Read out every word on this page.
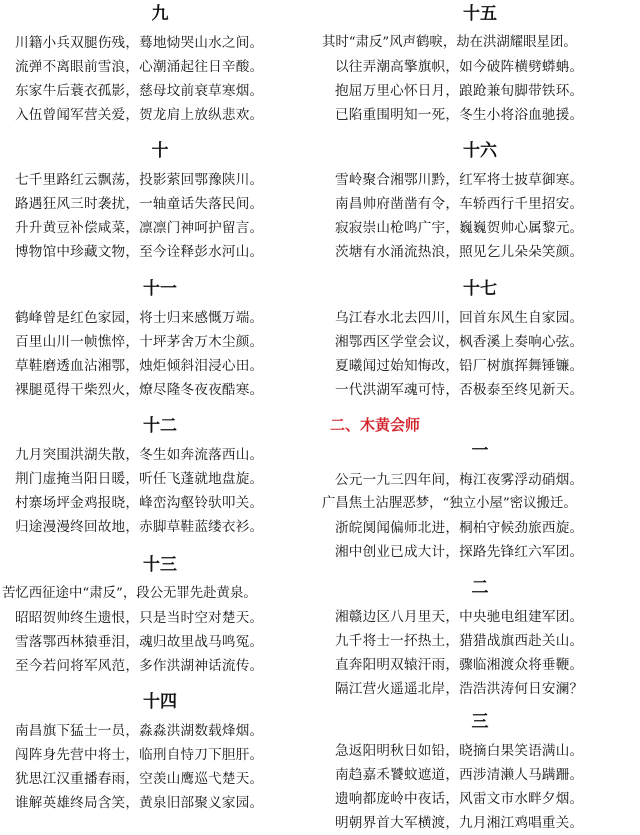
九
川籍小兵双腿伤残，蓦地恸哭山水之间。
流弹不离眼前雪浪，心潮涌起往日辛酸。
东家牛后蓑衣孤影，慈母坟前衰草寒烟。
入伍曾闻军营关爱，贺龙肩上放纵悲欢。
十
七千里路红云飘荡，投影萦回鄂豫陕川。
路遇狂风三时袭扰，一轴童话失落民间。
升升黄豆补偿咸菜，凛凛门神呵护留言。
博物馆中珍藏文物，至今诠释彭水河山。
十一
鹤峰曾是红色家园，将士归来感慨万端。
百里山川一帧憔悴，十坪茅舍万木尘颜。
草鞋磨透血沾湘鄂，烛炬倾斜泪浸心田。
裸腿觅得干柴烈火，燎尽隆冬夜夜酷寒。
十二
九月突围洪湖失散，冬生如奔流落西山。
荆门虚掩当阳日暖，听任飞蓬就地盘旋。
村寨场坪金鸡报晓，峰峦沟壑铃驮叩关。
归途漫漫终回故地，赤脚草鞋蓝缕衣衫。
十三
苦忆西征途中“肃反”，段公无罪先赴黄泉。
昭昭贺帅终生遗恨，只是当时空对楚天。
雪落鄂西林猿垂泪，魂归故里战马鸣冤。
至今若问将军风范，多作洪湖神话流传。
十四
南昌旗下猛士一员，淼淼洪湖数载烽烟。
闯阵身先营中将士，临刑自恃刀下胆肝。
犹思江汉重播春雨，空羡山鹰巡弋楚天。
谁解英雄终局含笑，黄泉旧部聚义家园。
十五
其时“肃反”风声鹤唳，劫在洪湖耀眼星团。
以往弄潮高擎旗帜，如今破阵横劈蟒蚺。
抱屈万里心怀日月，踉跄兼旬脚带铁环。
已陷重围明知一死，冬生小将浴血驰援。
十六
雪岭聚合湘鄂川黔，红军将士披草御寒。
南昌帅府凿凿有令，车轿西行千里招安。
寂寂崇山枪鸣广宇，巍巍贺帅心属黎元。
茨塘有水涌流热浪，照见乞儿朵朵笑颜。
十七
乌江春水北去四川，回首东风生自家园。
湘鄂西区学堂会议，枫香溪上奏响心弦。
夏曦闻过始知悔改，铅厂树旗挥舞锤镰。
一代洪湖军魂可恃，否极泰至终见新天。
二、木黄会师
一
公元一九三四年间，梅江夜雾浮动硝烟。
广昌焦土沾腥恶梦，“独立小屋”密议搬迁。
浙皖阒闻偏师北进，桐柏守候劲旅西旋。
湘中创业已成大计，探路先锋红六军团。
二
湘赣边区八月里天，中央驰电组建军团。
九千将士一抔热土，猎猎战旗西赴关山。
直奔阳明双辕汗雨，骤临湘渡众将垂鞭。
隔江营火遥遥北岸，浩浩洪涛何日安澜？
三
急返阳明秋日如铅，晓摘白果笑语满山。
南趋嘉禾饕蚊遮道，西涉清濑人马蹒跚。
遗响都庞岭中夜话，风雷文市水畔夕烟。
明朝界首大军横渡，九月湘江鸡唱重关。
